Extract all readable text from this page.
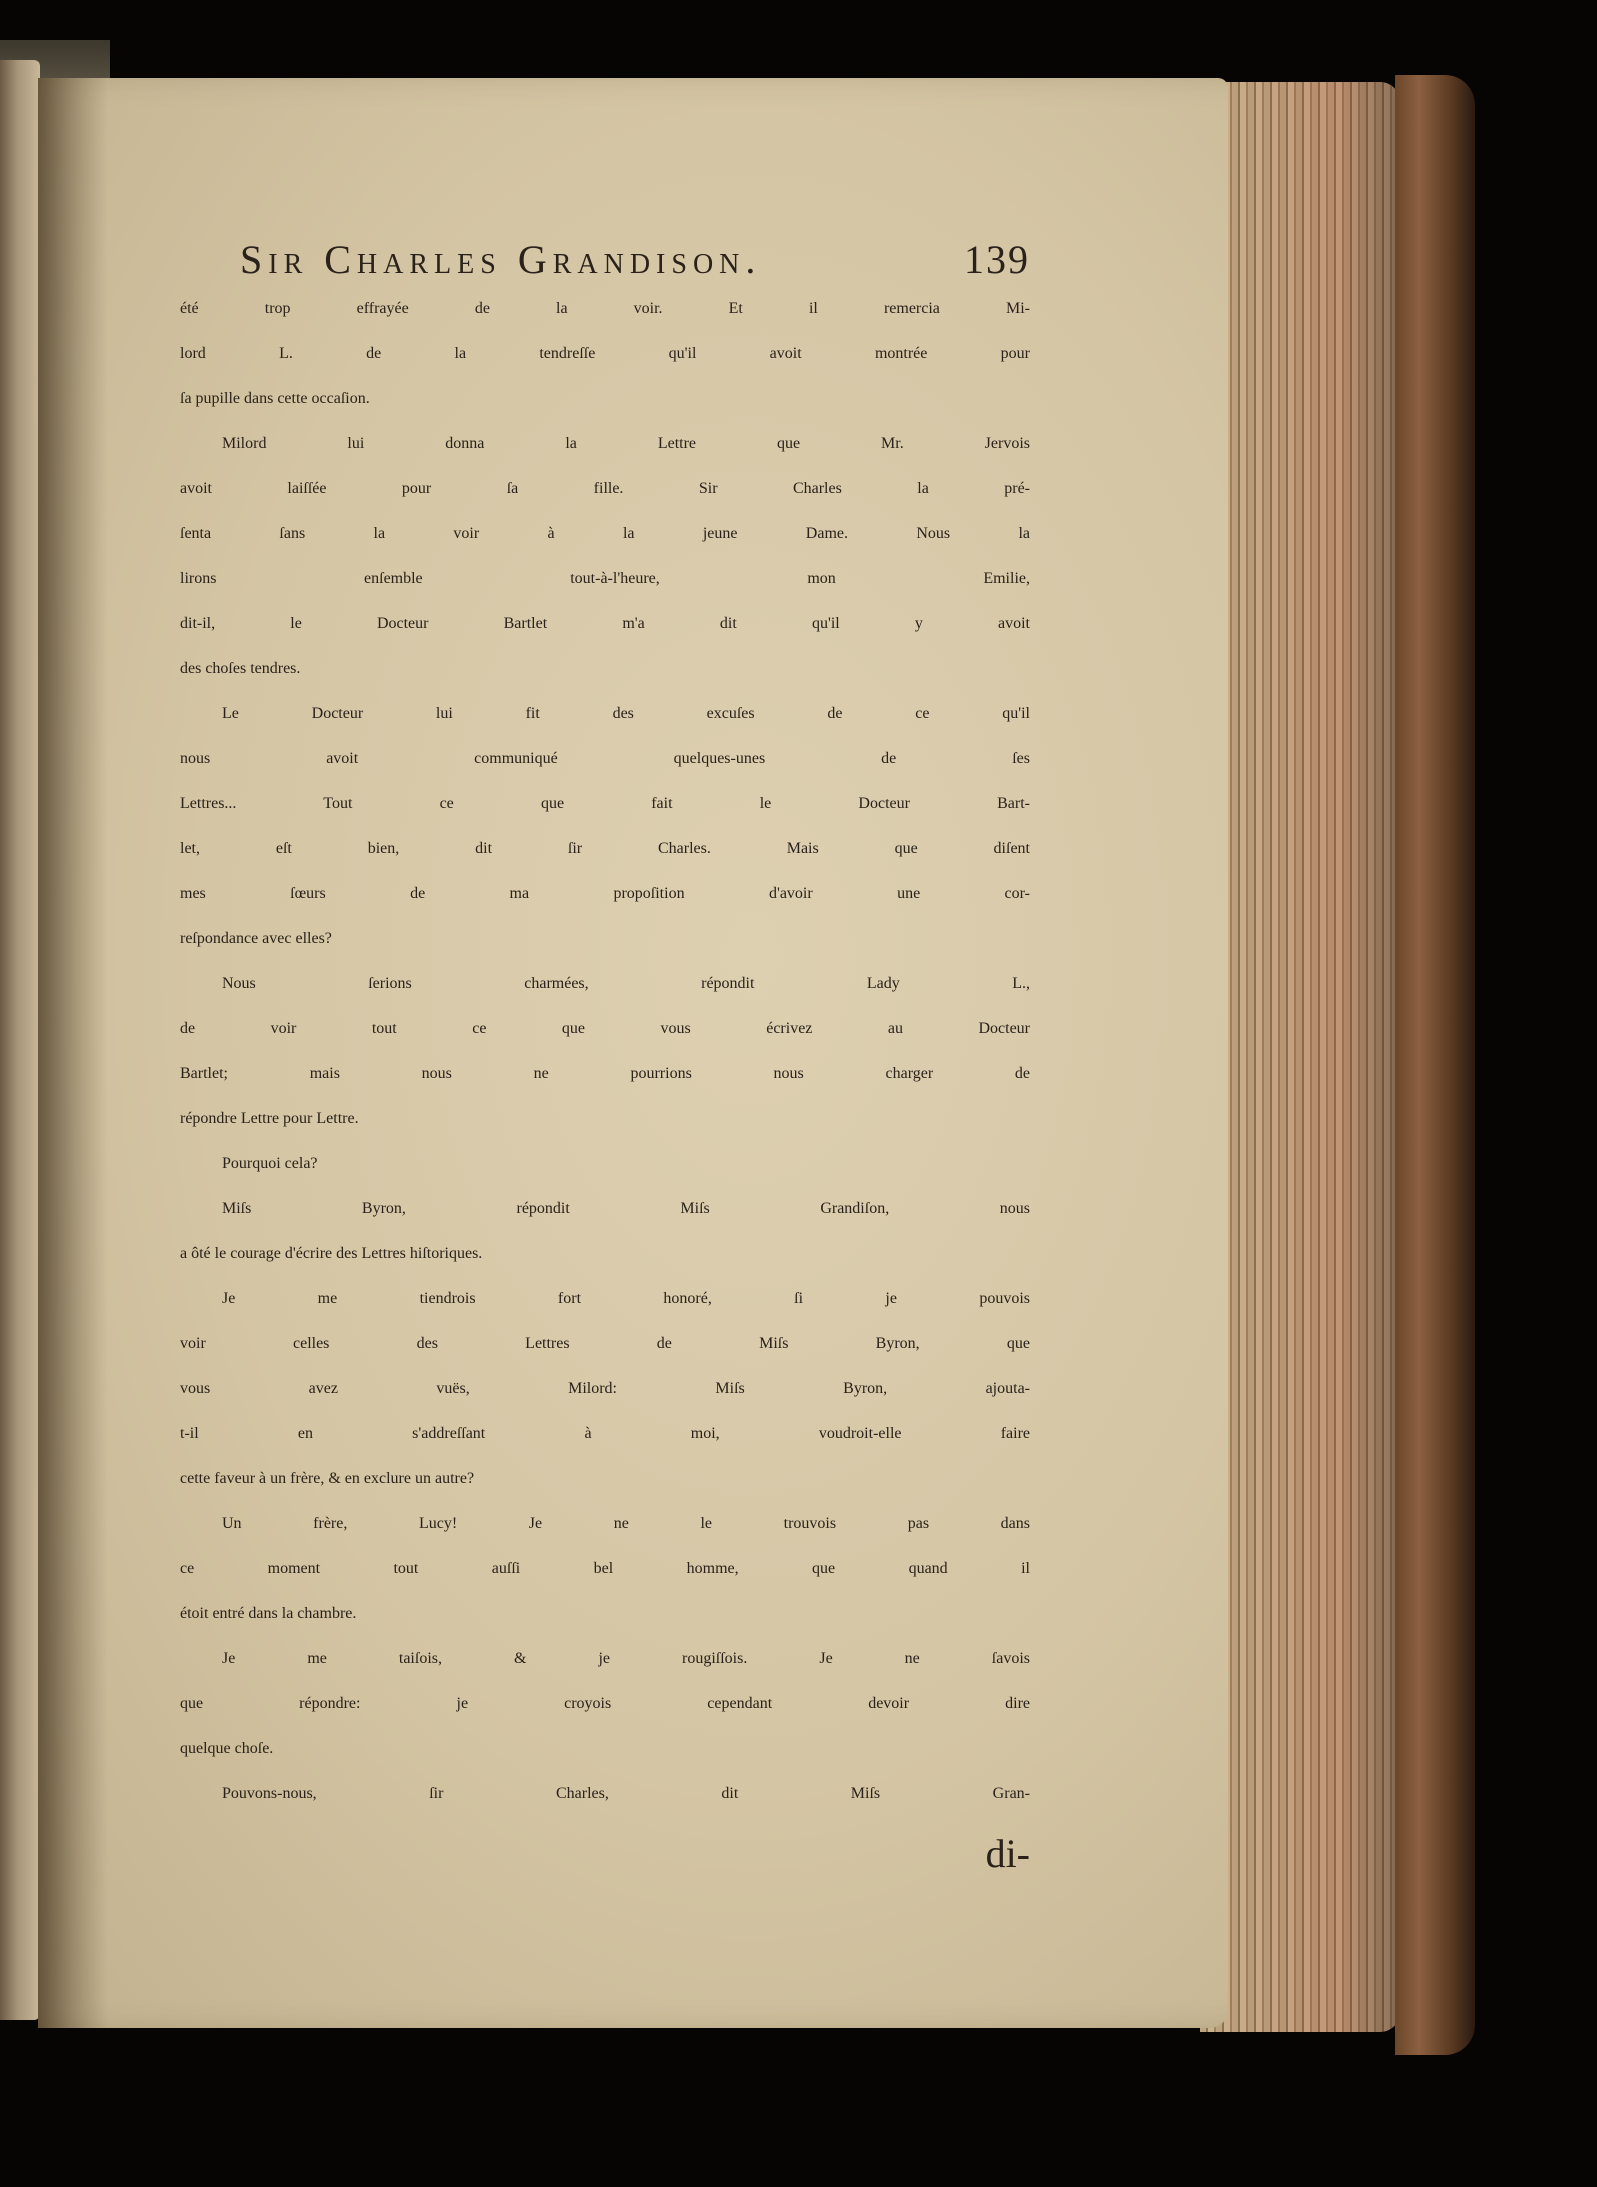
Sir Charles Grandison.	139
été trop effrayée de la voir. Et il remercia Mi-
lord L. de la tendreſſe qu'il avoit montrée pour
ſa pupille dans cette occaſion.
Milord lui donna la Lettre que Mr. Jervois
avoit laiſſée pour ſa fille. Sir Charles la pré-
ſenta ſans la voir à la jeune Dame. Nous la
lirons enſemble tout-à-l'heure, mon Emilie,
dit-il, le Docteur Bartlet m'a dit qu'il y avoit
des choſes tendres.
Le Docteur lui fit des excuſes de ce qu'il
nous avoit communiqué quelques-unes de ſes
Lettres... Tout ce que fait le Docteur Bart-
let, eſt bien, dit ſir Charles. Mais que diſent
mes ſœurs de ma propoſition d'avoir une cor-
reſpondance avec elles?
Nous ſerions charmées, répondit Lady L.,
de voir tout ce que vous écrivez au Docteur
Bartlet; mais nous ne pourrions nous charger de
répondre Lettre pour Lettre.
Pourquoi cela?
Miſs Byron, répondit Miſs Grandiſon, nous
a ôté le courage d'écrire des Lettres hiſtoriques.
Je me tiendrois fort honoré, ſi je pouvois
voir celles des Lettres de Miſs Byron, que
vous avez vuës, Milord: Miſs Byron, ajouta-
t-il en s'addreſſant à moi, voudroit-elle faire
cette faveur à un frère, & en exclure un autre?
Un frère, Lucy! Je ne le trouvois pas dans
ce moment tout auſſi bel homme, que quand il
étoit entré dans la chambre.
Je me taiſois, & je rougiſſois. Je ne ſavois
que répondre: je croyois cependant devoir dire
quelque choſe.
Pouvons-nous, ſir Charles, dit Miſs Gran-
di-
